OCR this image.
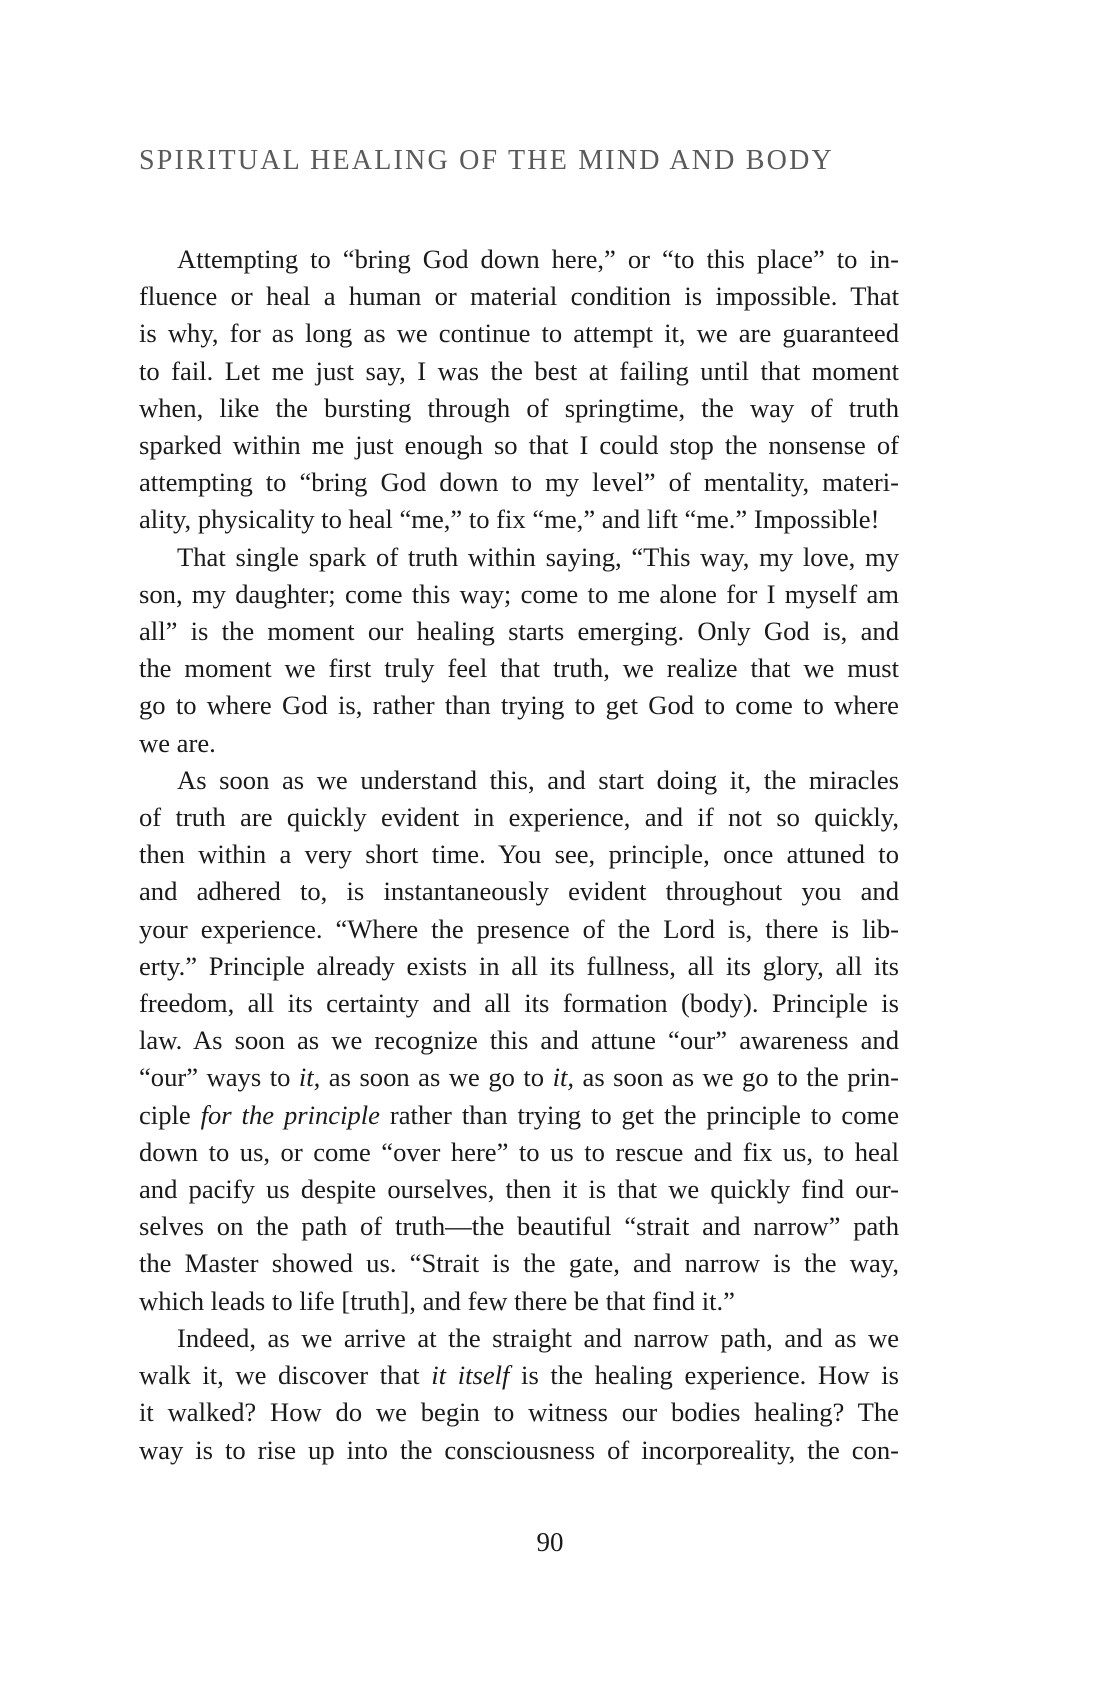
SPIRITUAL HEALING OF THE MIND AND BODY
Attempting to “bring God down here,” or “to this place” to in-
fluence or heal a human or material condition is impossible. That
is why, for as long as we continue to attempt it, we are guaranteed
to fail. Let me just say, I was the best at failing until that moment
when, like the bursting through of springtime, the way of truth
sparked within me just enough so that I could stop the nonsense of
attempting to “bring God down to my level” of mentality, materi-
ality, physicality to heal “me,” to fix “me,” and lift “me.” Impossible!
That single spark of truth within saying, “This way, my love, my
son, my daughter; come this way; come to me alone for I myself am
all” is the moment our healing starts emerging. Only God is, and
the moment we first truly feel that truth, we realize that we must
go to where God is, rather than trying to get God to come to where
we are.
As soon as we understand this, and start doing it, the miracles
of truth are quickly evident in experience, and if not so quickly,
then within a very short time. You see, principle, once attuned to
and adhered to, is instantaneously evident throughout you and
your experience. “Where the presence of the Lord is, there is lib-
erty.” Principle already exists in all its fullness, all its glory, all its
freedom, all its certainty and all its formation (body). Principle is
law. As soon as we recognize this and attune “our” awareness and
“our” ways to it, as soon as we go to it, as soon as we go to the prin-
ciple for the principle rather than trying to get the principle to come
down to us, or come “over here” to us to rescue and fix us, to heal
and pacify us despite ourselves, then it is that we quickly find our-
selves on the path of truth—the beautiful “strait and narrow” path
the Master showed us. “Strait is the gate, and narrow is the way,
which leads to life [truth], and few there be that find it.”
Indeed, as we arrive at the straight and narrow path, and as we
walk it, we discover that it itself is the healing experience. How is
it walked? How do we begin to witness our bodies healing? The
way is to rise up into the consciousness of incorporeality, the con-
90
